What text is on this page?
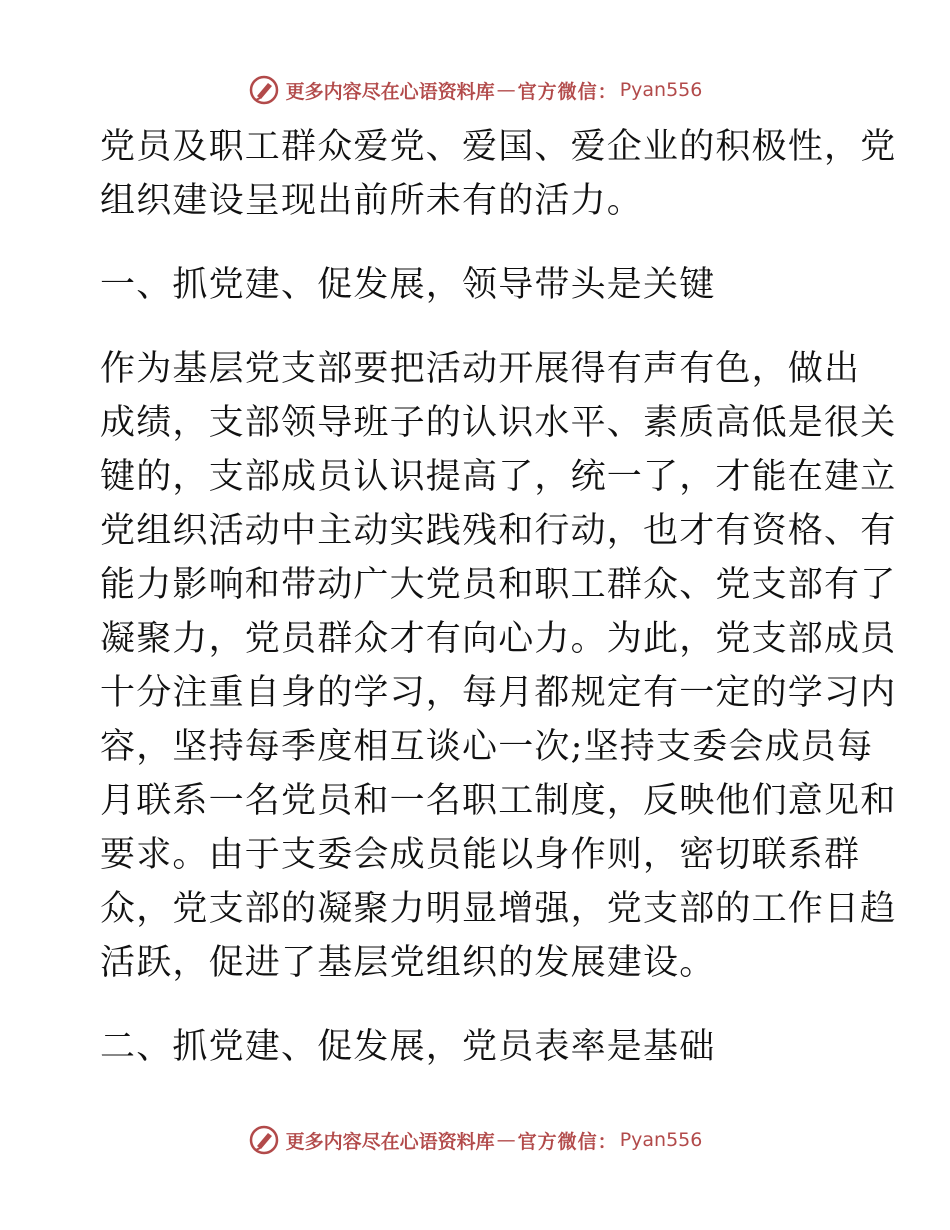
更多内容尽在心语资料库 — 官方微信： Pyan556
党员及职工群众爱党、爱国、爱企业的积极性，党
组织建设呈现出前所未有的活力。
一、抓党建、促发展，领导带头是关键
作为基层党支部要把活动开展得有声有色，做出
成绩，支部领导班子的认识水平、素质高低是很关
键的，支部成员认识提高了，统一了，才能在建立
党组织活动中主动实践残和行动，也才有资格、有
能力影响和带动广大党员和职工群众、党支部有了
凝聚力，党员群众才有向心力。为此，党支部成员
十分注重自身的学习，每月都规定有一定的学习内
容，坚持每季度相互谈心一次;坚持支委会成员每
月联系一名党员和一名职工制度，反映他们意见和
要求。由于支委会成员能以身作则，密切联系群
众，党支部的凝聚力明显增强，党支部的工作日趋
活跃，促进了基层党组织的发展建设。
二、抓党建、促发展，党员表率是基础
更多内容尽在心语资料库 — 官方微信： Pyan556
